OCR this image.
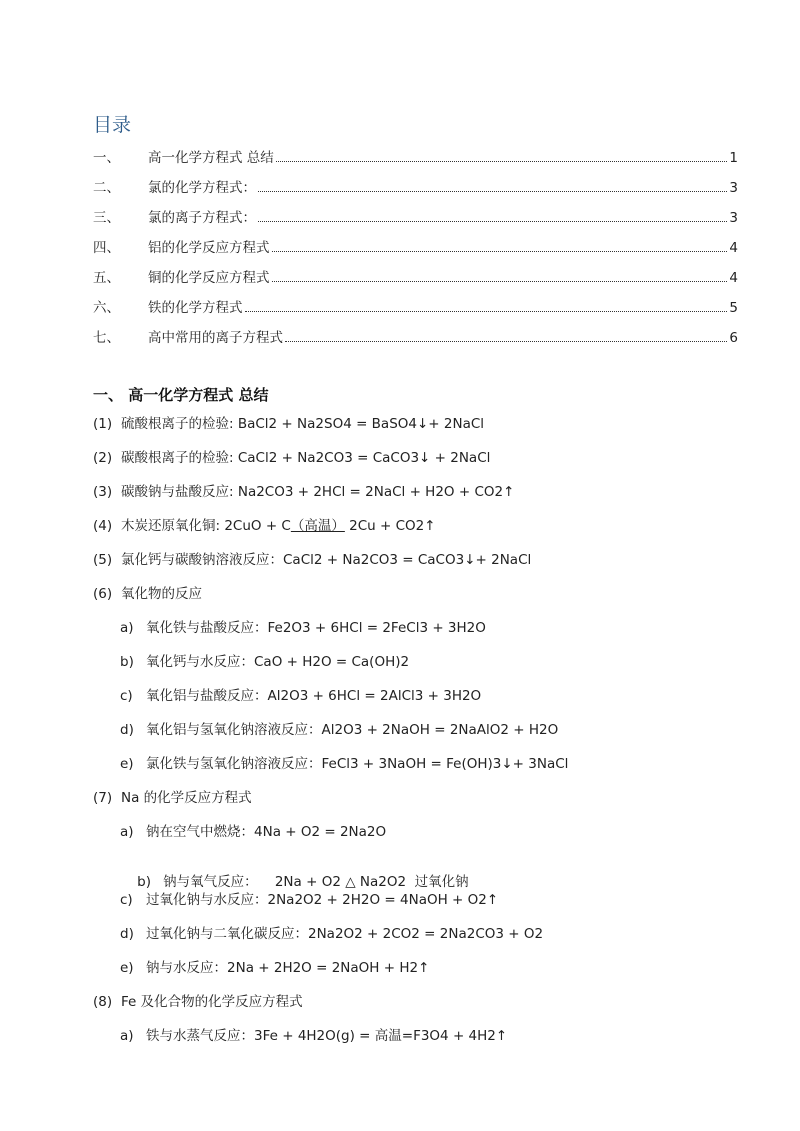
目录
一、	高一化学方程式 总结	1
二、	氯的化学方程式：	3
三、	氯的离子方程式：	3
四、	铝的化学反应方程式	4
五、	铜的化学反应方程式	4
六、	铁的化学方程式	5
七、	高中常用的离子方程式	6
一、 高一化学方程式 总结
(1) 硫酸根离子的检验: BaCl2 + Na2SO4 = BaSO4↓+ 2NaCl
(2) 碳酸根离子的检验: CaCl2 + Na2CO3 = CaCO3↓ + 2NaCl
(3) 碳酸钠与盐酸反应: Na2CO3 + 2HCl = 2NaCl + H2O + CO2↑
(4) 木炭还原氧化铜: 2CuO + C（高温） 2Cu + CO2↑
(5) 氯化钙与碳酸钠溶液反应：CaCl2 + Na2CO3 = CaCO3↓+ 2NaCl
(6) 氧化物的反应
a) 氧化铁与盐酸反应：Fe2O3 + 6HCl = 2FeCl3 + 3H2O
b) 氧化钙与水反应：CaO + H2O = Ca(OH)2
c) 氧化铝与盐酸反应：Al2O3 + 6HCl = 2AlCl3 + 3H2O
d) 氧化铝与氢氧化钠溶液反应：Al2O3 + 2NaOH = 2NaAlO2 + H2O
e) 氯化铁与氢氧化钠溶液反应：FeCl3 + 3NaOH = Fe(OH)3↓+ 3NaCl
(7) Na 的化学反应方程式
a) 钠在空气中燃烧：4Na + O2 = 2Na2O

b) 钠与氧气反应：    2Na + O2 △ Na2O2  过氧化钠

c) 过氧化钠与水反应：2Na2O2 + 2H2O = 4NaOH + O2↑
d) 过氧化钠与二氧化碳反应：2Na2O2 + 2CO2 = 2Na2CO3 + O2
e) 钠与水反应：2Na + 2H2O = 2NaOH + H2↑
(8) Fe 及化合物的化学反应方程式
a) 铁与水蒸气反应：3Fe + 4H2O(g) = 高温=F3O4 + 4H2↑
